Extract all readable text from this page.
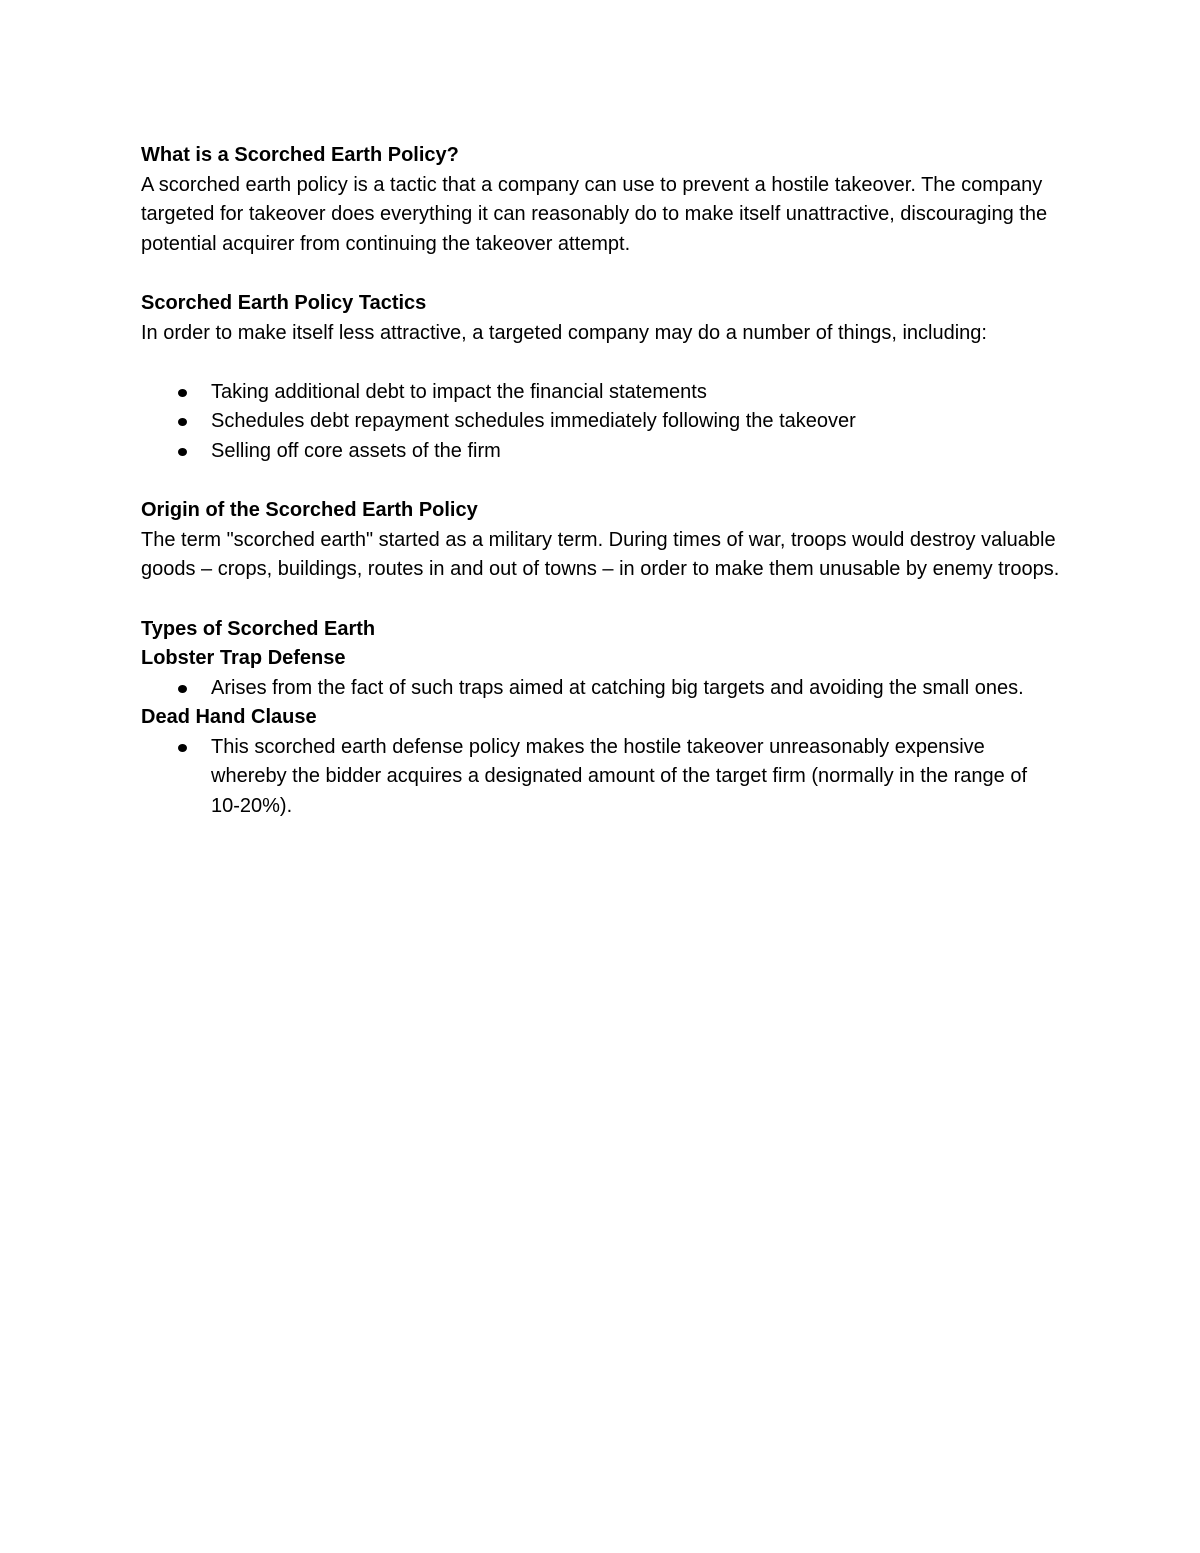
What is a Scorched Earth Policy?

A scorched earth policy is a tactic that a company can use to prevent a hostile takeover. The company targeted for takeover does everything it can reasonably do to make itself unattractive, discouraging the potential acquirer from continuing the takeover attempt.

Scorched Earth Policy Tactics

In order to make itself less attractive, a targeted company may do a number of things, including:

Taking additional debt to impact the financial statements
Schedules debt repayment schedules immediately following the takeover
Selling off core assets of the firm

Origin of the Scorched Earth Policy

The term "scorched earth" started as a military term. During times of war, troops would destroy valuable goods – crops, buildings, routes in and out of towns – in order to make them unusable by enemy troops.

Types of Scorched Earth

Lobster Trap Defense

Arises from the fact of such traps aimed at catching big targets and avoiding the small ones.

Dead Hand Clause

This scorched earth defense policy makes the hostile takeover unreasonably expensive whereby the bidder acquires a designated amount of the target firm (normally in the range of 10-20%).
